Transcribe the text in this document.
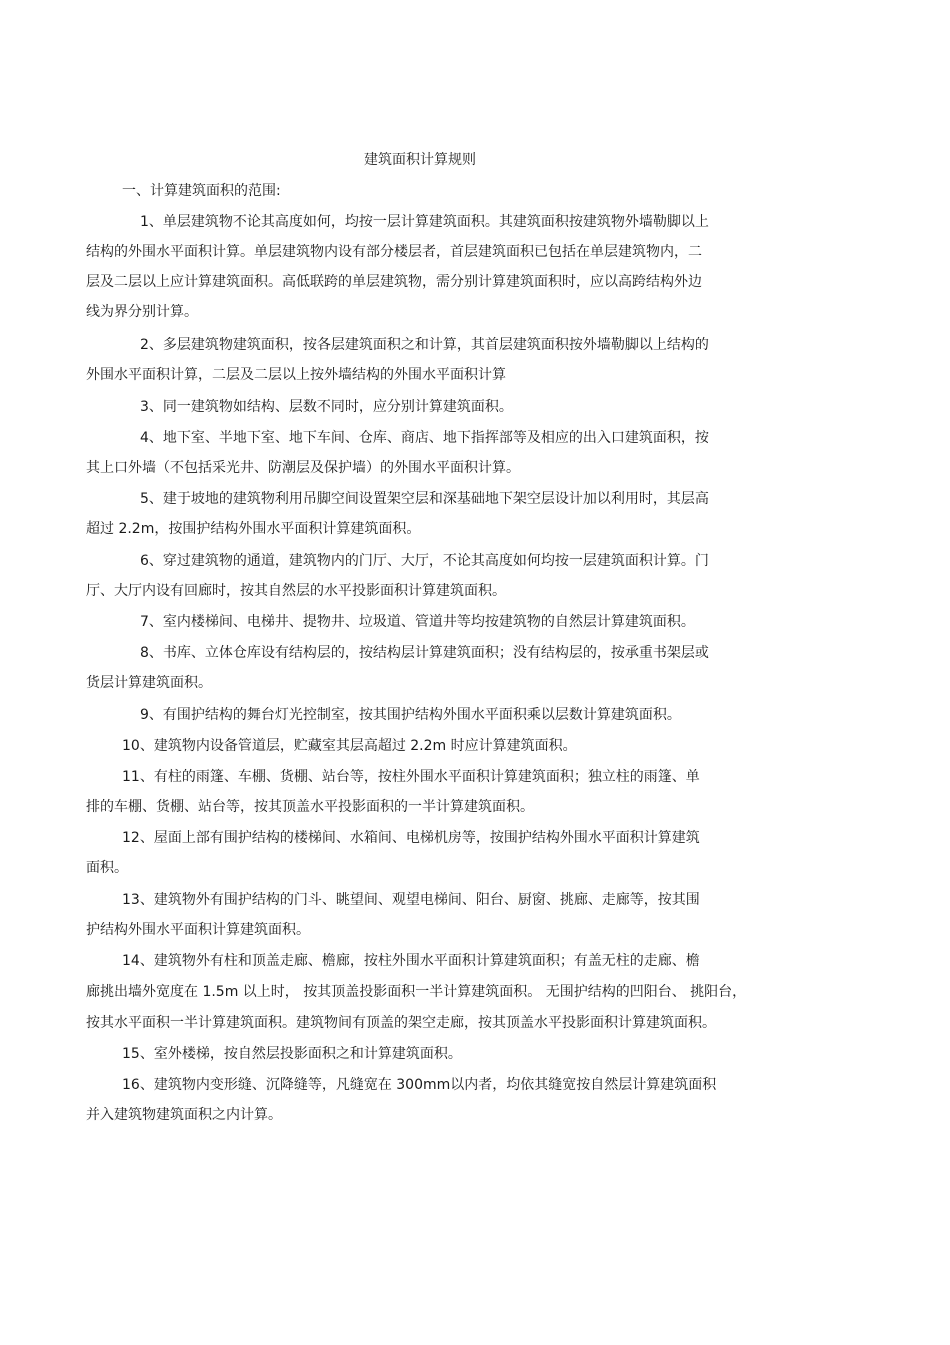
建筑面积计算规则
一、计算建筑面积的范围:
1、单层建筑物不论其高度如何，均按一层计算建筑面积。其建筑面积按建筑物外墙勒脚以上
结构的外围水平面积计算。单层建筑物内设有部分楼层者，首层建筑面积已包括在单层建筑物内，二
层及二层以上应计算建筑面积。高低联跨的单层建筑物，需分别计算建筑面积时，应以高跨结构外边
线为界分别计算。
2、多层建筑物建筑面积，按各层建筑面积之和计算，其首层建筑面积按外墙勒脚以上结构的
外围水平面积计算，二层及二层以上按外墙结构的外围水平面积计算
3、同一建筑物如结构、层数不同时，应分别计算建筑面积。
4、地下室、半地下室、地下车间、仓库、商店、地下指挥部等及相应的出入口建筑面积，按
其上口外墙（不包括采光井、防潮层及保护墙）的外围水平面积计算。
5、建于坡地的建筑物利用吊脚空间设置架空层和深基础地下架空层设计加以利用时，其层高
超过 2.2m，按围护结构外围水平面积计算建筑面积。
6、穿过建筑物的通道，建筑物内的门厅、大厅，不论其高度如何均按一层建筑面积计算。门
厅、大厅内设有回廊时，按其自然层的水平投影面积计算建筑面积。
7、室内楼梯间、电梯井、提物井、垃圾道、管道井等均按建筑物的自然层计算建筑面积。
8、书库、立体仓库设有结构层的，按结构层计算建筑面积；没有结构层的，按承重书架层或
货层计算建筑面积。
9、有围护结构的舞台灯光控制室，按其围护结构外围水平面积乘以层数计算建筑面积。
10、建筑物内设备管道层，贮藏室其层高超过 2.2m 时应计算建筑面积。
11、有柱的雨篷、车棚、货棚、站台等，按柱外围水平面积计算建筑面积；独立柱的雨篷、单
排的车棚、货棚、站台等，按其顶盖水平投影面积的一半计算建筑面积。
12、屋面上部有围护结构的楼梯间、水箱间、电梯机房等，按围护结构外围水平面积计算建筑
面积。
13、建筑物外有围护结构的门斗、眺望间、观望电梯间、阳台、厨窗、挑廊、走廊等，按其围
护结构外围水平面积计算建筑面积。
14、建筑物外有柱和顶盖走廊、檐廊，按柱外围水平面积计算建筑面积；有盖无柱的走廊、檐
廊挑出墙外宽度在 1.5m 以上时， 按其顶盖投影面积一半计算建筑面积。 无围护结构的凹阳台、 挑阳台，
按其水平面积一半计算建筑面积。建筑物间有顶盖的架空走廊，按其顶盖水平投影面积计算建筑面积。
15、室外楼梯，按自然层投影面积之和计算建筑面积。
16、建筑物内变形缝、沉降缝等，凡缝宽在 300mm以内者，均依其缝宽按自然层计算建筑面积
并入建筑物建筑面积之内计算。
